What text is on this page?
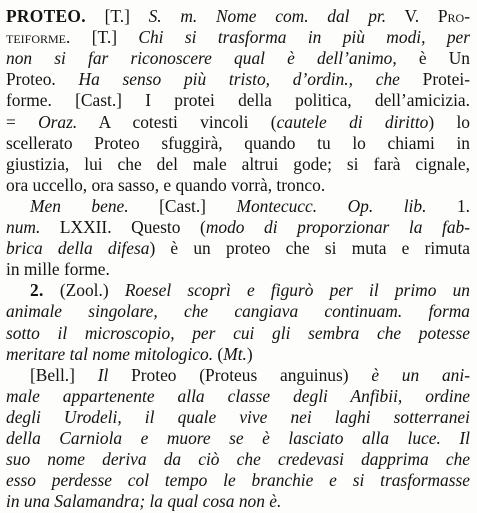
PROTEO. [T.] S. m. Nome com. dal pr. V. Pro-
teiforme. [T.] Chi si trasforma in più modi, per
non si far riconoscere qual è dell’animo, è Un
Proteo. Ha senso più tristo, d’ordin., che Protei-
forme. [Cast.] I protei della politica, dell’amicizia.
= Oraz. A cotesti vincoli (cautele di diritto) lo
scellerato Proteo sfuggirà, quando tu lo chiami in
giustizia, lui che del male altrui gode; si farà cignale,
ora uccello, ora sasso, e quando vorrà, tronco.
Men bene. [Cast.] Montecucc. Op. lib. 1.
num. LXXII. Questo (modo di proporzionar la fab-
brica della difesa) è un proteo che si muta e rimuta
in mille forme.
2. (Zool.) Roesel scoprì e figurò per il primo un
animale singolare, che cangiava continuam. forma
sotto il microscopio, per cui gli sembra che potesse
meritare tal nome mitologico. (Mt.)
[Bell.] Il Proteo (Proteus anguinus) è un ani-
male appartenente alla classe degli Anfibii, ordine
degli Urodeli, il quale vive nei laghi sotterranei
della Carniola e muore se è lasciato alla luce. Il
suo nome deriva da ciò che credevasi dapprima che
esso perdesse col tempo le branchie e si trasformasse
in una Salamandra; la qual cosa non è.
